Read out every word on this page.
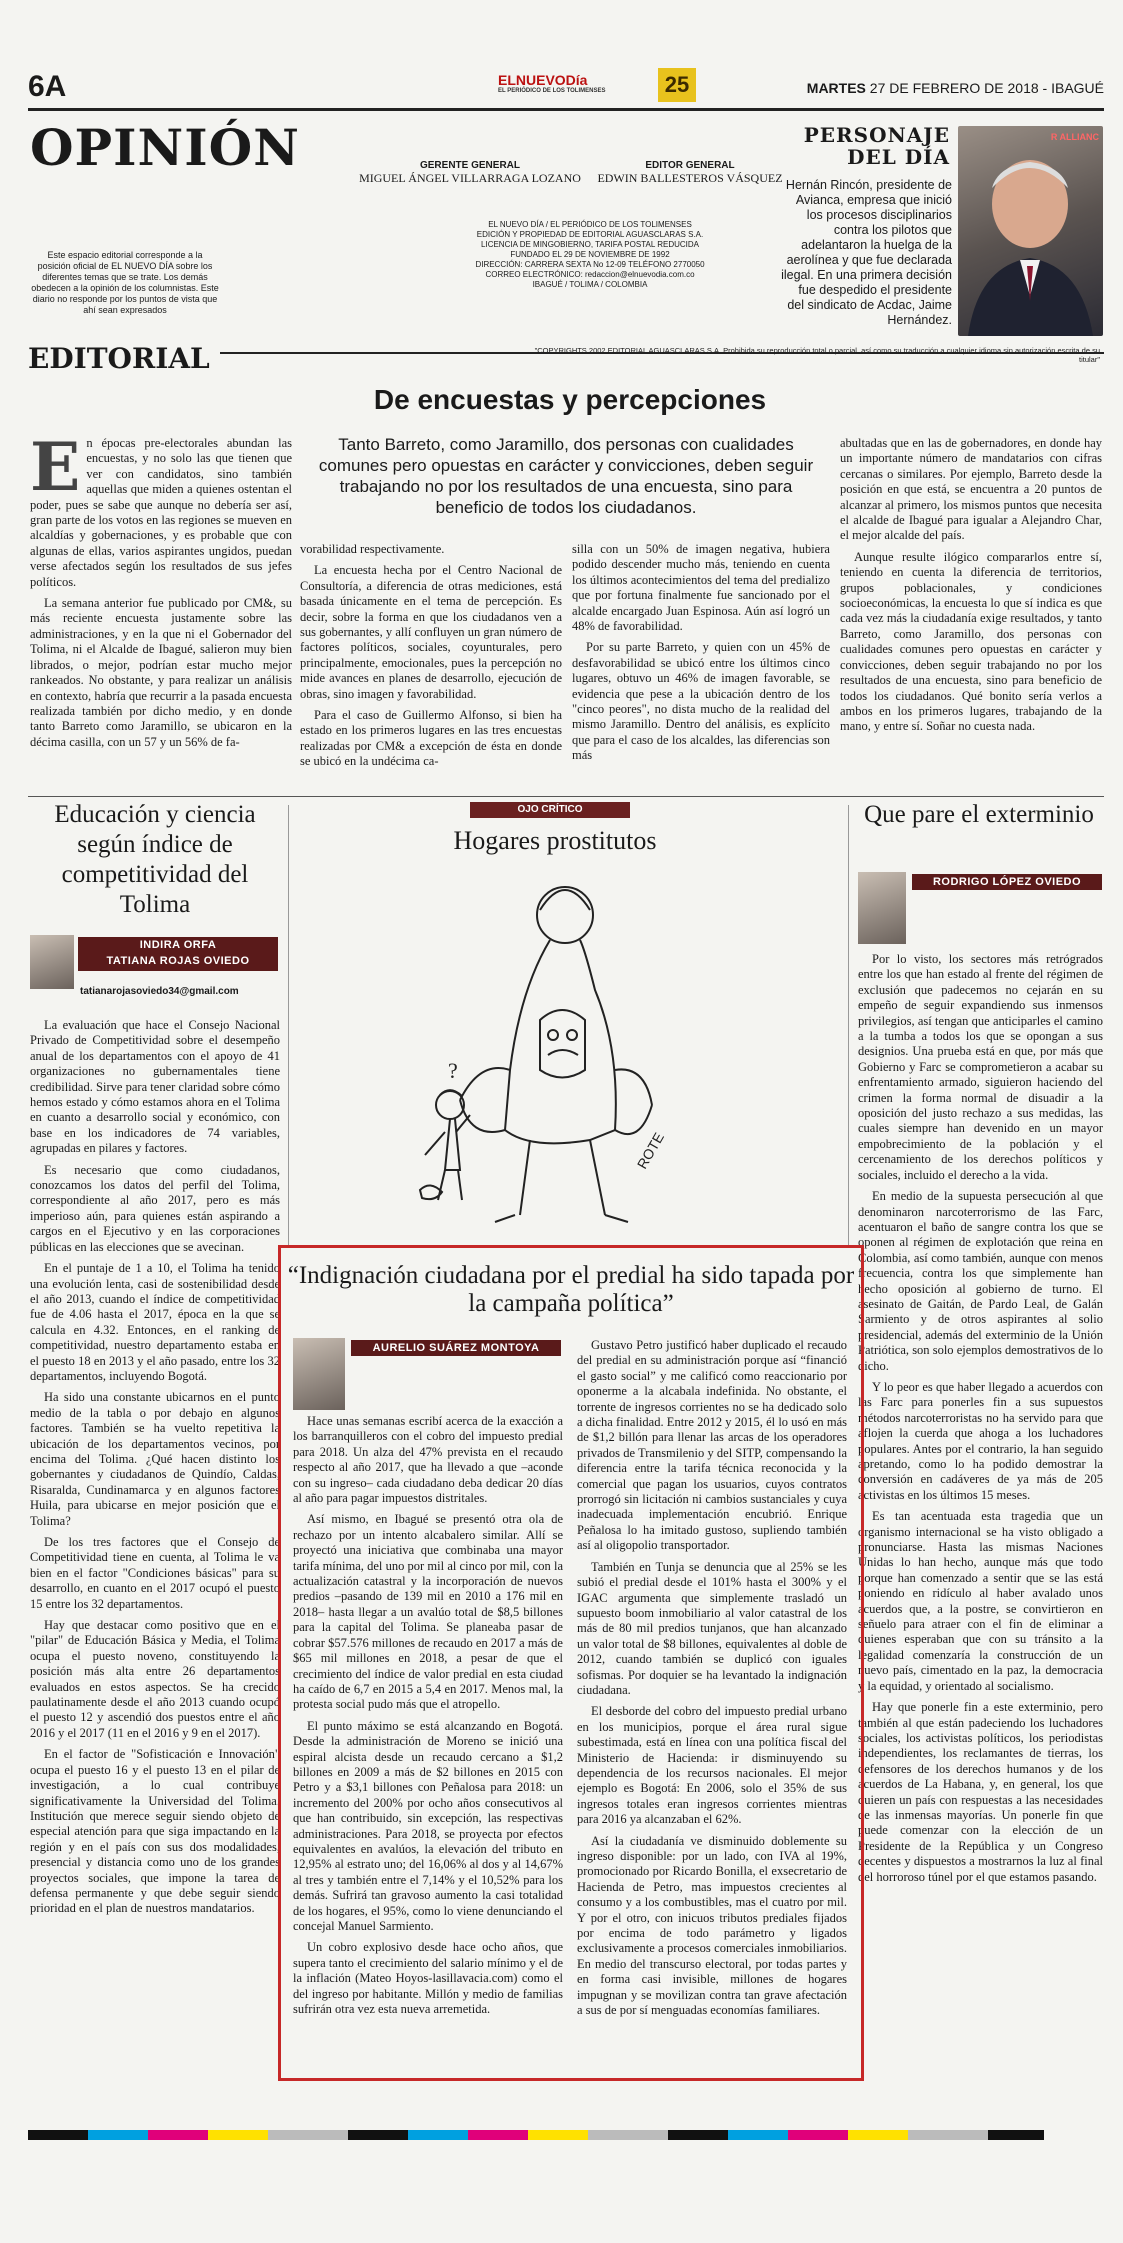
6A	ELNUEVODía
EL PERIÓDICO DE LOS TOLIMENSES	25	MARTES 27 DE FEBRERO DE 2018 - IBAGUÉ
OPINIÓN	GERENTE GENERAL
MIGUEL ÁNGEL VILLARRAGA LOZANO
EDITOR GENERAL
EDWIN BALLESTEROS VÁSQUEZ
Este espacio editorial corresponde a la posición oficial de EL NUEVO DÍA sobre los diferentes temas que se trate. Los demás obedecen a la opinión de los columnistas. Este diario no responde por los puntos de vista que ahí sean expresados
EL NUEVO DÍA / EL PERIÓDICO DE LOS TOLIMENSES
EDICIÓN Y PROPIEDAD DE EDITORIAL AGUASCLARAS S.A.
LICENCIA DE MINGOBIERNO, TARIFA POSTAL REDUCIDA
FUNDADO EL 29 DE NOVIEMBRE DE 1992
DIRECCIÓN: CARRERA SEXTA No 12-09 TELÉFONO 2770050
CORREO ELECTRÓNICO: redaccion@elnuevodia.com.co
IBAGUÉ / TOLIMA / COLOMBIA
PERSONAJE
DEL DÍA
Hernán Rincón, presidente de Avianca, empresa que inició los procesos disciplinarios contra los pilotos que adelantaron la huelga de la aerolínea y que fue declarada ilegal. En una primera decisión fue despedido el presidente del sindicato de Acdac, Jaime Hernández.
R ALLIANC
"COPYRIGHTS 2002 EDITORIAL AGUASCLARAS S.A. Prohibida su reproducción total o parcial, así como su traducción a cualquier idioma sin autorización escrita de su titular"
EDITORIAL
De encuestas y percepciones
Tanto Barreto, como Jaramillo, dos personas con cualidades comunes pero opuestas en carácter y convicciones, deben seguir trabajando no por los resultados de una encuesta, sino para beneficio de todos los ciudadanos.
E n épocas pre-electorales abundan las encuestas, y no solo las que tienen que ver con candidatos, sino también aquellas que miden a quienes ostentan el poder, pues se sabe que aunque no debería ser así, gran parte de los votos en las regiones se mueven en alcaldías y gobernaciones, y es probable que con algunas de ellas, varios aspirantes ungidos, puedan verse afectados según los resultados de sus jefes políticos.

La semana anterior fue publicado por CM&, su más reciente encuesta justamente sobre las administraciones, y en la que ni el Gobernador del Tolima, ni el Alcalde de Ibagué, salieron muy bien librados, o mejor, podrían estar mucho mejor rankeados. No obstante, y para realizar un análisis en contexto, habría que recurrir a la pasada encuesta realizada también por dicho medio, y en donde tanto Barreto como Jaramillo, se ubicaron en la décima casilla, con un 57 y un 56% de fa-

vorabilidad respectivamente.

La encuesta hecha por el Centro Nacional de Consultoría, a diferencia de otras mediciones, está basada únicamente en el tema de percepción. Es decir, sobre la forma en que los ciudadanos ven a sus gobernantes, y allí confluyen un gran número de factores políticos, sociales, coyunturales, pero principalmente, emocionales, pues la percepción no mide avances en planes de desarrollo, ejecución de obras, sino imagen y favorabilidad.

Para el caso de Guillermo Alfonso, si bien ha estado en los primeros lugares en las tres encuestas realizadas por CM& a excepción de ésta en donde se ubicó en la undécima ca-

silla con un 50% de imagen negativa, hubiera podido descender mucho más, teniendo en cuenta los últimos acontecimientos del tema del predializo que por fortuna finalmente fue sancionado por el alcalde encargado Juan Espinosa. Aún así logró un 48% de favorabilidad.

Por su parte Barreto, y quien con un 45% de desfavorabilidad se ubicó entre los últimos cinco lugares, obtuvo un 46% de imagen favorable, se evidencia que pese a la ubicación dentro de los "cinco peores", no dista mucho de la realidad del mismo Jaramillo. Dentro del análisis, es explícito que para el caso de los alcaldes, las diferencias son más

abultadas que en las de gobernadores, en donde hay un importante número de mandatarios con cifras cercanas o similares. Por ejemplo, Barreto desde la posición en que está, se encuentra a 20 puntos de alcanzar al primero, los mismos puntos que necesita el alcalde de Ibagué para igualar a Alejandro Char, el mejor alcalde del país.

Aunque resulte ilógico compararlos entre sí, teniendo en cuenta la diferencia de territorios, grupos poblacionales, y condiciones socioeconómicas, la encuesta lo que sí indica es que cada vez más la ciudadanía exige resultados, y tanto Barreto, como Jaramillo, dos personas con cualidades comunes pero opuestas en carácter y convicciones, deben seguir trabajando no por los resultados de una encuesta, sino para beneficio de todos los ciudadanos. Qué bonito sería verlos a ambos en los primeros lugares, trabajando de la mano, y entre sí. Soñar no cuesta nada.

Educación y ciencia según índice de competitividad del Tolima
INDIRA ORFA
TATIANA ROJAS OVIEDO
tatianarojasoviedo34@gmail.com

La evaluación que hace el Consejo Nacional Privado de Competitividad sobre el desempeño anual de los departamentos con el apoyo de 41 organizaciones no gubernamentales tiene credibilidad. Sirve para tener claridad sobre cómo hemos estado y cómo estamos ahora en el Tolima en cuanto a desarrollo social y económico, con base en los indicadores de 74 variables, agrupadas en pilares y factores.

Es necesario que como ciudadanos, conozcamos los datos del perfil del Tolima, correspondiente al año 2017, pero es más imperioso aún, para quienes están aspirando a cargos en el Ejecutivo y en las corporaciones públicas en las elecciones que se avecinan.

En el puntaje de 1 a 10, el Tolima ha tenido una evolución lenta, casi de sostenibilidad desde el año 2013, cuando el índice de competitividad fue de 4.06 hasta el 2017, época en la que se calcula en 4.32. Entonces, en el ranking de competitividad, nuestro departamento estaba en el puesto 18 en 2013 y el año pasado, entre los 32 departamentos, incluyendo Bogotá.

Ha sido una constante ubicarnos en el punto medio de la tabla o por debajo en algunos factores. También se ha vuelto repetitiva la ubicación de los departamentos vecinos, por encima del Tolima. ¿Qué hacen distinto los gobernantes y ciudadanos de Quindío, Caldas, Risaralda, Cundinamarca y en algunos factores Huila, para ubicarse en mejor posición que el Tolima?

De los tres factores que el Consejo de Competitividad tiene en cuenta, al Tolima le va bien en el factor "Condiciones básicas" para su desarrollo, en cuanto en el 2017 ocupó el puesto 15 entre los 32 departamentos.

Hay que destacar como positivo que en el "pilar" de Educación Básica y Media, el Tolima ocupa el puesto noveno, constituyendo la posición más alta entre 26 departamentos evaluados en estos aspectos. Se ha crecido paulatinamente desde el año 2013 cuando ocupó el puesto 12 y ascendió dos puestos entre el año 2016 y el 2017 (11 en el 2016 y 9 en el 2017).

En el factor de "Sofisticación e Innovación" ocupa el puesto 16 y el puesto 13 en el pilar de investigación, a lo cual contribuye significativamente la Universidad del Tolima. Institución que merece seguir siendo objeto de especial atención para que siga impactando en la región y en el país con sus dos modalidades, presencial y distancia como uno de los grandes proyectos sociales, que impone la tarea de defensa permanente y que debe seguir siendo prioridad en el plan de nuestros mandatarios.

OJO CRÍTICO
Hogares prostitutos
?
ROTE
Que pare el exterminio
RODRIGO LÓPEZ OVIEDO

Por lo visto, los sectores más retrógrados entre los que han estado al frente del régimen de exclusión que padecemos no cejarán en su empeño de seguir expandiendo sus inmensos privilegios, así tengan que anticiparles el camino a la tumba a todos los que se opongan a sus designios. Una prueba está en que, por más que Gobierno y Farc se comprometieron a acabar su enfrentamiento armado, siguieron haciendo del crimen la forma normal de disuadir a la oposición del justo rechazo a sus medidas, las cuales siempre han devenido en un mayor empobrecimiento de la población y el cercenamiento de los derechos políticos y sociales, incluido el derecho a la vida.

En medio de la supuesta persecución al que denominaron narcoterrorismo de las Farc, acentuaron el baño de sangre contra los que se oponen al régimen de explotación que reina en Colombia, así como también, aunque con menos frecuencia, contra los que simplemente han hecho oposición al gobierno de turno. El asesinato de Gaitán, de Pardo Leal, de Galán Sarmiento y de otros aspirantes al solio presidencial, además del exterminio de la Unión Patriótica, son solo ejemplos demostrativos de lo dicho.

Y lo peor es que haber llegado a acuerdos con las Farc para ponerles fin a sus supuestos métodos narcoterroristas no ha servido para que aflojen la cuerda que ahoga a los luchadores populares. Antes por el contrario, la han seguido apretando, como lo ha podido demostrar la conversión en cadáveres de ya más de 205 activistas en los últimos 15 meses.

Es tan acentuada esta tragedia que un organismo internacional se ha visto obligado a pronunciarse. Hasta las mismas Naciones Unidas lo han hecho, aunque más que todo porque han comenzado a sentir que se las está poniendo en ridículo al haber avalado unos acuerdos que, a la postre, se convirtieron en señuelo para atraer con el fin de eliminar a quienes esperaban que con su tránsito a la legalidad comenzaría la construcción de un nuevo país, cimentado en la paz, la democracia y la equidad, y orientado al socialismo.

Hay que ponerle fin a este exterminio, pero también al que están padeciendo los luchadores sociales, los activistas políticos, los periodistas independientes, los reclamantes de tierras, los defensores de los derechos humanos y de los acuerdos de La Habana, y, en general, los que quieren un país con respuestas a las necesidades de las inmensas mayorías. Un ponerle fin que puede comenzar con la elección de un Presidente de la República y un Congreso decentes y dispuestos a mostrarnos la luz al final del horroroso túnel por el que estamos pasando.

“Indignación ciudadana por el predial ha sido tapada por la campaña política”
AURELIO SUÁREZ MONTOYA

Hace unas semanas escribí acerca de la exacción a los barranquilleros con el cobro del impuesto predial para 2018. Un alza del 47% prevista en el recaudo respecto al año 2017, que ha llevado a que –aconde con su ingreso– cada ciudadano deba dedicar 20 días al año para pagar impuestos distritales.

Así mismo, en Ibagué se presentó otra ola de rechazo por un intento alcabalero similar. Allí se proyectó una iniciativa que combinaba una mayor tarifa mínima, del uno por mil al cinco por mil, con la actualización catastral y la incorporación de nuevos predios –pasando de 139 mil en 2010 a 176 mil en 2018– hasta llegar a un avalúo total de $8,5 billones para la capital del Tolima. Se planeaba pasar de cobrar $57.576 millones de recaudo en 2017 a más de $65 mil millones en 2018, a pesar de que el crecimiento del índice de valor predial en esta ciudad ha caído de 6,7 en 2015 a 5,4 en 2017. Menos mal, la protesta social pudo más que el atropello.

El punto máximo se está alcanzando en Bogotá. Desde la administración de Moreno se inició una espiral alcista desde un recaudo cercano a $1,2 billones en 2009 a más de $2 billones en 2015 con Petro y a $3,1 billones con Peñalosa para 2018: un incremento del 200% por ocho años consecutivos al que han contribuido, sin excepción, las respectivas administraciones. Para 2018, se proyecta por efectos equivalentes en avalúos, la elevación del tributo en 12,95% al estrato uno; del 16,06% al dos y al 14,67% al tres y también entre el 7,14% y el 10,52% para los demás. Sufrirá tan gravoso aumento la casi totalidad de los hogares, el 95%, como lo viene denunciando el concejal Manuel Sarmiento.

Un cobro explosivo desde hace ocho años, que supera tanto el crecimiento del salario mínimo y el de la inflación (Mateo Hoyos-lasillavacia.com) como el del ingreso por habitante. Millón y medio de familias sufrirán otra vez esta nueva arremetida.

Gustavo Petro justificó haber duplicado el recaudo del predial en su administración porque así “financió el gasto social” y me calificó como reaccionario por oponerme a la alcabala indefinida. No obstante, el torrente de ingresos corrientes no se ha dedicado solo a dicha finalidad. Entre 2012 y 2015, él lo usó en más de $1,2 billón para llenar las arcas de los operadores privados de Transmilenio y del SITP, compensando la diferencia entre la tarifa técnica reconocida y la comercial que pagan los usuarios, cuyos contratos prorrogó sin licitación ni cambios sustanciales y cuya inadecuada implementación encubrió. Enrique Peñalosa lo ha imitado gustoso, supliendo también así al oligopolio transportador.

También en Tunja se denuncia que al 25% se les subió el predial desde el 101% hasta el 300% y el IGAC argumenta que simplemente trasladó un supuesto boom inmobiliario al valor catastral de los más de 80 mil predios tunjanos, que han alcanzado un valor total de $8 billones, equivalentes al doble de 2012, cuando también se duplicó con iguales sofismas. Por doquier se ha levantado la indignación ciudadana.

El desborde del cobro del impuesto predial urbano en los municipios, porque el área rural sigue subestimada, está en línea con una política fiscal del Ministerio de Hacienda: ir disminuyendo su dependencia de los recursos nacionales. El mejor ejemplo es Bogotá: En 2006, solo el 35% de sus ingresos totales eran ingresos corrientes mientras para 2016 ya alcanzaban el 62%.

Así la ciudadanía ve disminuido doblemente su ingreso disponible: por un lado, con IVA al 19%, promocionado por Ricardo Bonilla, el exsecretario de Hacienda de Petro, mas impuestos crecientes al consumo y a los combustibles, mas el cuatro por mil. Y por el otro, con inicuos tributos prediales fijados por encima de todo parámetro y ligados exclusivamente a procesos comerciales inmobiliarios. En medio del transcurso electoral, por todas partes y en forma casi invisible, millones de hogares impugnan y se movilizan contra tan grave afectación a sus de por sí menguadas economías familiares.
